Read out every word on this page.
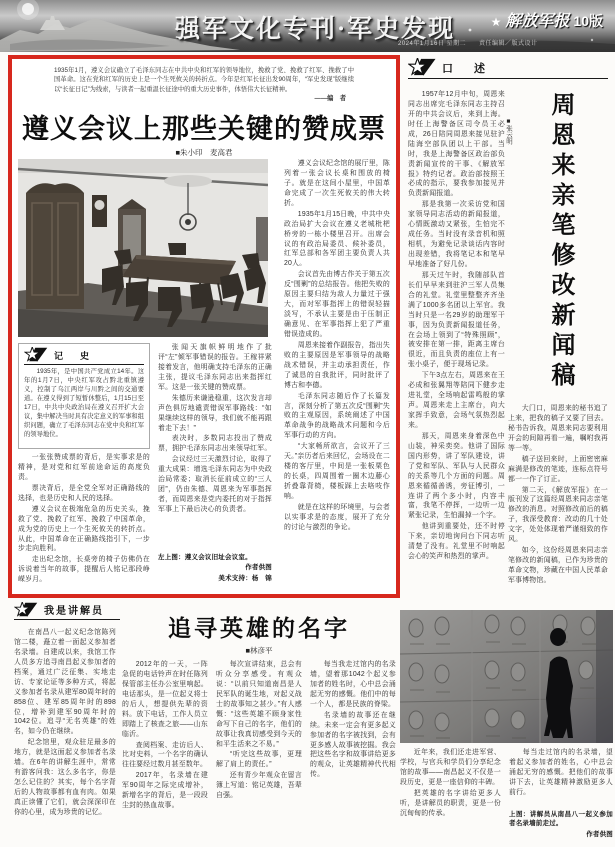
强军文化专刊·军史发现	★ 解放军报 10版
2024年1月16日 星期二　　责任编辑／版式设计
1935年1月，遵义会议确立了毛泽东同志在中共中央和红军的领导地位，挽救了党、挽救了红军、挽救了中国革命。这在党和红军的历史上是一个生死攸关的转折点。今年是红军长征出发90周年，“军史发现”版继续以“长征日记”为线索，与读者一起重温长征途中的重大历史事件，体悟伟大长征精神。
——编　者
遵义会议上那些关键的赞成票
■朱小印　麦高君

遵义会议纪念馆的展厅里，陈列着一张会议长桌和围放的椅子。就是在这间小屋里，中国革命完成了一次生死攸关的伟大转折。

1935年1月15日晚，中共中央政治局扩大会议在遵义老城枇杷桥旁的一栋小楼里召开。出席会议的有政治局委员、候补委员，红军总部和各军团主要负责人共20人。

会议首先由博古作关于第五次反“围剿”的总结报告。他把失败的原因主要归结为敌人力量过于强大，而对军事指挥上的错误轻描淡写，不承认主要是由于压制正确意见、在军事指挥上犯了严重错误造成的。

周恩来接着作副报告，指出失败的主要原因是军事领导的战略战术错误，并主动承担责任，作了诚恳的自我批评，同时批评了博古和李德。

毛泽东同志随后作了长篇发言，深刻分析了第五次反“围剿”失败的主观原因，系统阐述了中国革命战争的战略战术问题和今后军事行动的方向。

“大家畅所欲言，会议开了三天。”亲历者后来回忆，会场设在二楼的客厅里，中间是一张板栗色的长桌，四周围着一圈木边藤心折叠靠背椅，楼板踩上去咯吱作响。

就是在这样的环境里，与会者以实事求是的态度，展开了充分的讨论与激烈的争论。

记　史

1935年，是中国共产党成立14年。这年的1月7日，中央红军攻占黔北重镇遵义，控制了乌江两岸与川黔之间的交通要道。在遵义得到了短暂休整后，1月15日至17日，中共中央政治局在遵义召开扩大会议，集中解决当时具有决定意义的军事和组织问题，确立了毛泽东同志在党中央和红军的领导地位。

一张张赞成票的背后，是实事求是的精神，是对党和红军前途命运的高度负责。

票决背后，是全党全军对正确路线的选择，也是历史和人民的选择。

遵义会议在极端危急的历史关头，挽救了党、挽救了红军、挽救了中国革命，成为党的历史上一个生死攸关的转折点。从此，中国革命在正确路线指引下，一步步走向胜利。

走出纪念馆，长桌旁的椅子仿佛仍在诉说着当年的故事，提醒后人铭记那段峥嵘岁月。

张闻天旗帜鲜明地作了批评“左”倾军事错误的报告。王稼祥紧接着发言，他明确支持毛泽东的正确主张，提议毛泽东同志出来指挥红军。这是一张关键的赞成票。

朱德历来谦逊稳重，这次发言却声色俱厉地谴责错误军事路线：“如果继续这样的领导，我们就不能再跟着走下去！”

表决时，多数同志投出了赞成票，拥护毛泽东同志出来领导红军。

会议经过三天激烈讨论，取得了重大成果：增选毛泽东同志为中央政治局常委；取消长征前成立的“三人团”，仍由朱德、周恩来为军事指挥者，而周恩来是党内委托的对于指挥军事上下最后决心的负责者。

左上图：遵义会议旧址会议室。

作者供图

美术支持：杨　锦

口　述

1957年12月中旬，周恩来同志出席完毛泽东同志主持召开的中共会议后，来到上海。时任上海警备区司令员王必成，26日陪同周恩来接见驻沪陆海空部队团以上干部。当时，我是上海警备区政治部负责新闻宣传的干事、《解放军报》特约记者。政治部按照王必成的指示，要我参加接见并负责新闻报道。

那是我第一次采访党和国家领导同志活动的新闻报道，心情既激动又紧张，生怕完不成任务。当时没有录音机和照相机，为避免记录谈话内容时出现差错，我将笔记本和笔早早地准备了好几份。

那天过午时，我随部队首长们早早来到驻沪三军人员集合的礼堂。礼堂里整整齐齐坐满了1000多名团以上军官。我当时只是一名29岁的助理军干事，因为负责新闻报道任务，在会场上领到了“特殊照顾”，被安排在第一排，距离主席台很近，而且负责的座位上有一张小桌子，便于现场记录。

下午3点左右，周恩来在王必成和张翼翔等陪同下健步走进礼堂，全场响起雷鸣般的掌声。周恩来走上主席台，向大家挥手致意，会场气氛热烈起来。

那天，周恩来身着深色中山装，神采奕奕。他讲了国际国内形势，讲了军队建设，讲了党和军队、军队与人民群众的关系等几个方面的问题。周恩来循循善诱，旁征博引，一连讲了两个多小时，内容丰富，我笔不停挥，一边听一边紧张记录，生怕漏掉一个字。

他讲到重要处，还不时停下来，亲切地询问台下同志听清楚了没有。礼堂里不时响起会心的笑声和热烈的掌声。

周恩来亲笔修改新闻稿
■张云明

大门口，周恩来的秘书追了上来，把我的稿子又要了回去。秘书告诉我，周恩来同志要利用开会的间隙再看一遍，嘱咐我再等一等。

稿子送回来时，上面密密麻麻满是修改的笔迹，连标点符号都一一作了订正。

第二天，《解放军报》在一版刊发了这篇经周恩来同志亲笔修改的消息。对照修改前后的稿子，我深受教育：改动的几十处文字，处处体现着严谨细致的作风。

如今，这份经周恩来同志亲笔修改的新闻稿，已作为珍贵的革命文物，珍藏在中国人民革命军事博物馆。

我是讲解员

在南昌八一起义纪念馆陈列馆二楼，矗立着一面起义参加者名录墙。自建成以来，我馆工作人员多方追寻南昌起义参加者的档案，通过广泛征集、实地走访、专家论证等多种方式，将起义参加者名录从建军80周年时的858位、建军85周年时的898位，增补到建军90周年时的1042位。追寻“无名英雄”的姓名，如今仍在继续。

纪念馆里，观众驻足最多的地方，就是这面起义参加者名录墙。在6年的讲解生涯中，常常有游客问我：这么多名字，你是怎么记住的？其实，每个名字背后的人物故事都有血有肉。如果真正读懂了它们，就会深深印在你的心里，成为珍贵的记忆。

追寻英雄的名字
■林彦平

2012年的一天，一阵急促的电话铃声在时任陈列保管部主任办公室里响起。电话那头，是一位起义将士的后人，想提供先辈的资料。放下电话，工作人员立即踏上了核查之旅——山东临沂。

查阅档案、走访后人、比对史料，一个名字的确认往往要经过数月甚至数年。

2017年，名录墙在建军90周年之际完成增补，新增名字的背后，是一段段尘封的热血故事。

每次宣讲结束，总会有听众分享感受。有观众说：“以前只知道南昌是人民军队的诞生地，对起义战士的故事知之甚少。”有人感慨：“这些英雄不顾身家性命写下自己的名字，他们的故事让我真切感受到今天的和平生活来之不易。”

“听完这些故事，更理解了肩上的责任。”

还有青少年观众在留言簿上写道：铭记英雄，吾辈自强。

每当我走过馆内的名录墙，望着那1042个起义参加者的姓名时，心中总会涌起无穷的感慨。他们中的每一个人，都是民族的脊梁。

名录墙的故事还在继续。未来一定会有更多起义参加者的名字被找到，会有更多感人故事被挖掘。我会把这些名字和故事讲给更多的观众，让英雄精神代代相传。

近年来，我们还走进军营、学校，与官兵和学员们分享纪念馆的故事——南昌起义不仅是一段历史，更是一座信仰的丰碑。

把英雄的名字讲给更多人听，是讲解员的职责，更是一份沉甸甸的传承。

每当走过馆内的名录墙，望着起义参加者的姓名，心中总会涌起无穷的感慨。把他们的故事讲下去，让英雄精神激励更多人前行。

上图：讲解员从南昌八一起义参加者名录墙前走过。

作者供图
